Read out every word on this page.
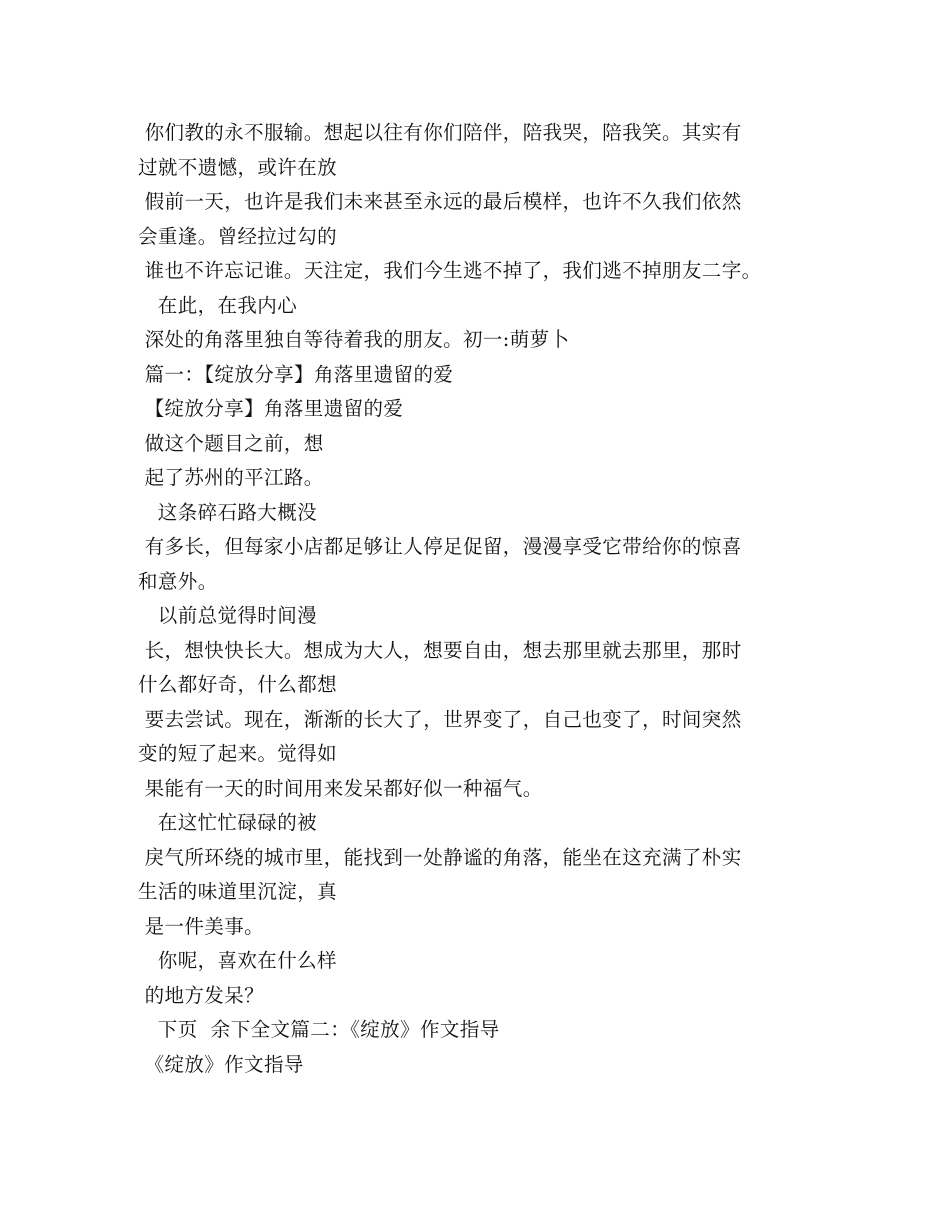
你们教的永不服输。想起以往有你们陪伴，陪我哭，陪我笑。其实有
过就不遗憾，或许在放
假前一天，也许是我们未来甚至永远的最后模样，也许不久我们依然
会重逢。曾经拉过勾的
谁也不许忘记谁。天注定，我们今生逃不掉了，我们逃不掉朋友二字。
在此，在我内心
深处的角落里独自等待着我的朋友。初一:萌萝卜
篇一：【绽放分享】角落里遗留的爱
【绽放分享】角落里遗留的爱
做这个题目之前，想
起了苏州的平江路。
这条碎石路大概没
有多长，但每家小店都足够让人停足促留，漫漫享受它带给你的惊喜
和意外。
以前总觉得时间漫
长，想快快长大。想成为大人，想要自由，想去那里就去那里，那时
什么都好奇，什么都想
要去尝试。现在，渐渐的长大了，世界变了，自己也变了，时间突然
变的短了起来。觉得如
果能有一天的时间用来发呆都好似一种福气。
在这忙忙碌碌的被
戾气所环绕的城市里，能找到一处静谧的角落，能坐在这充满了朴实
生活的味道里沉淀，真
是一件美事。
你呢，喜欢在什么样
的地方发呆？
下页  余下全文篇二：《绽放》作文指导
《绽放》作文指导
